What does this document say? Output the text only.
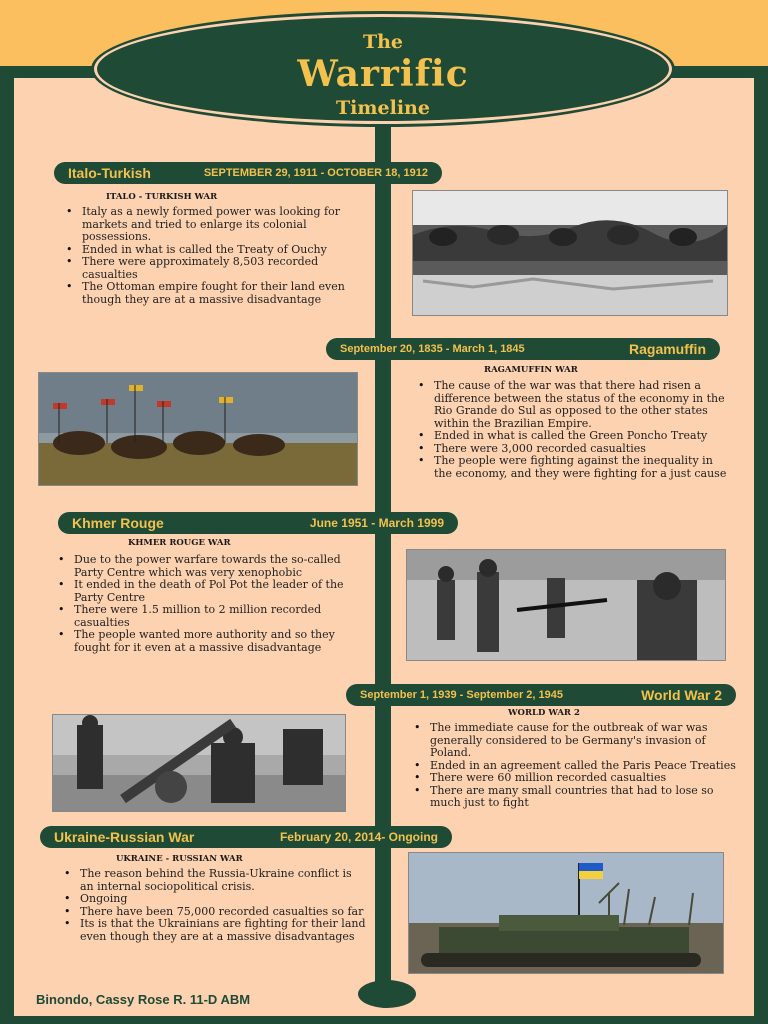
The
Warrific
Timeline
Italo-Turkish	SEPTEMBER 29, 1911 - OCTOBER 18, 1912
ITALO - TURKISH WAR
• Italy as a newly formed power was looking for markets and tried to enlarge its colonial possessions.
• Ended in what is called the Treaty of Ouchy
• There were approximately 8,503 recorded casualties
• The Ottoman empire fought for their land even though they are at a massive disadvantage
September 20, 1835 - March 1, 1845	Ragamuffin
RAGAMUFFIN WAR
• The cause of the war was that there had risen a difference between the status of the economy in the Rio Grande do Sul as opposed to the other states within the Brazilian Empire.
• Ended in what is called the Green Poncho Treaty
• There were 3,000 recorded casualties
• The people were fighting against the inequality in the economy, and they were fighting for a just cause
Khmer Rouge	June 1951 - March 1999
KHMER ROUGE WAR
• Due to the power warfare towards the so-called Party Centre which was very xenophobic
• It ended in the death of Pol Pot the leader of the Party Centre
• There were 1.5 million to 2 million recorded casualties
• The people wanted more authority and so they fought for it even at a massive disadvantage
September 1, 1939 - September 2, 1945	World War 2
WORLD WAR 2
• The immediate cause for the outbreak of war was generally considered to be Germany's invasion of Poland.
• Ended in an agreement called the Paris Peace Treaties
• There were 60 million recorded casualties
• There are many small countries that had to lose so much just to fight
Ukraine-Russian War	February 20, 2014- Ongoing
UKRAINE - RUSSIAN WAR
• The reason behind the Russia-Ukraine conflict is an internal sociopolitical crisis.
• Ongoing
• There have been 75,000 recorded casualties so far
• Its is that the Ukrainians are fighting for their land even though they are at a massive disadvantages
Binondo, Cassy Rose R. 11-D ABM
